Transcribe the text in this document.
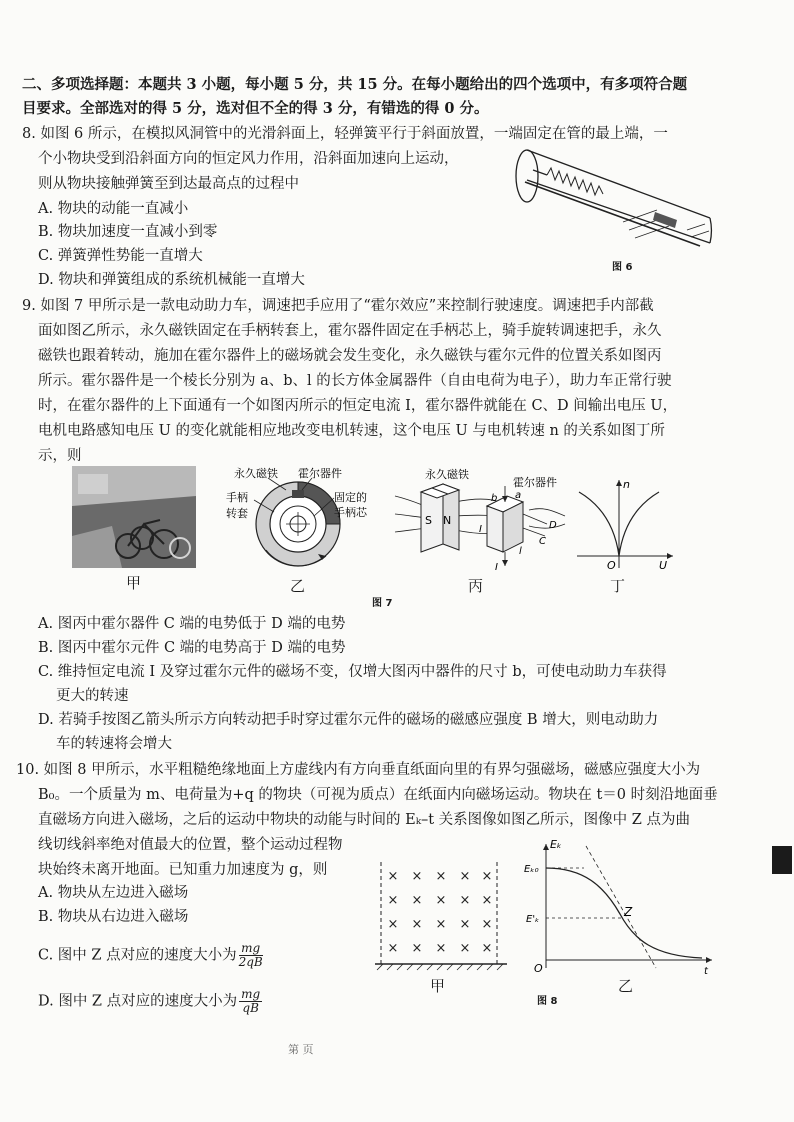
二、多项选择题：本题共 3 小题，每小题 5 分，共 15 分。在每小题给出的四个选项中，有多项符合题
目要求。全部选对的得 5 分，选对但不全的得 3 分，有错选的得 0 分。
8. 如图 6 所示，在模拟风洞管中的光滑斜面上，轻弹簧平行于斜面放置，一端固定在管的最上端，一
个小物块受到沿斜面方向的恒定风力作用，沿斜面加速向上运动，
则从物块接触弹簧至到达最高点的过程中
A. 物块的动能一直减小
B. 物块加速度一直减小到零
C. 弹簧弹性势能一直增大
D. 物块和弹簧组成的系统机械能一直增大
图 6
9. 如图 7 甲所示是一款电动助力车，调速把手应用了“霍尔效应”来控制行驶速度。调速把手内部截
面如图乙所示，永久磁铁固定在手柄转套上，霍尔器件固定在手柄芯上，骑手旋转调速把手，永久
磁铁也跟着转动，施加在霍尔器件上的磁场就会发生变化，永久磁铁与霍尔元件的位置关系如图丙
所示。霍尔器件是一个棱长分别为 a、b、l 的长方体金属器件（自由电荷为电子），助力车正常行驶
时，在霍尔器件的上下面通有一个如图丙所示的恒定电流 I，霍尔器件就能在 C、D 间输出电压 U，
电机电路感知电压 U 的变化就能相应地改变电机转速，这个电压 U 与电机转速 n 的关系如图丁所
示，则
甲
永久磁铁 霍尔器件
手柄
转套
固定的
手柄芯
乙
S N
永久磁铁
霍尔器件
b a
D
C
I
I
l
丙
n
U
O
丁
图 7
A. 图丙中霍尔器件 C 端的电势低于 D 端的电势
B. 图丙中霍尔元件 C 端的电势高于 D 端的电势
C. 维持恒定电流 I 及穿过霍尔元件的磁场不变，仅增大图丙中器件的尺寸 b，可使电动助力车获得
更大的转速
D. 若骑手按图乙箭头所示方向转动把手时穿过霍尔元件的磁场的磁感应强度 B 增大，则电动助力
车的转速将会增大
10. 如图 8 甲所示，水平粗糙绝缘地面上方虚线内有方向垂直纸面向里的有界匀强磁场，磁感应强度大小为
B₀。一个质量为 m、电荷量为+q 的物块（可视为质点）在纸面内向磁场运动。物块在 t＝0 时刻沿地面垂
直磁场方向进入磁场，之后的运动中物块的动能与时间的 Eₖ–t 关系图像如图乙所示，图像中 Z 点为曲
线切线斜率绝对值最大的位置，整个运动过程物
块始终未离开地面。已知重力加速度为 g，则
A. 物块从左边进入磁场
B. 物块从右边进入磁场
C. 图中 Z 点对应的速度大小为 $\frac{mg}{2qB}$
D. 图中 Z 点对应的速度大小为 $\frac{mg}{qB}$
× × × × ×
× × × × ×
× × × × ×
× × × × ×
甲
Eₖ
Eₖ₀
E'ₖ
Z
O	t
图 8
乙
第 页
